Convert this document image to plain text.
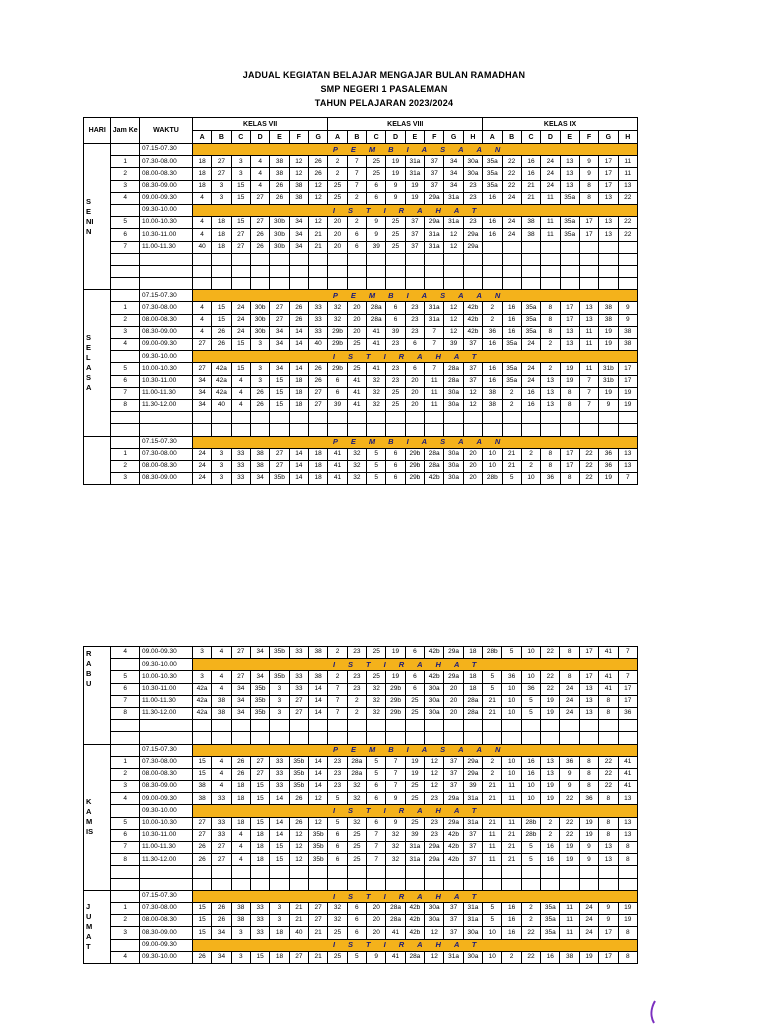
JADUAL KEGIATAN BELAJAR MENGAJAR BULAN RAMADHAN
SMP NEGERI 1 PASALEMAN
TAHUN PELAJARAN 2023/2024
HARI	Jam Ke	WAKTU	KELAS VII							KELAS VIII								KELAS IX							
			A	B	C	D	E	F	G	A	B	C	D	E	F	G	H	A	B	C	D	E	F	G	H
SENIN		07.15-07.30	PEMBIASAAN																						
	1	07.30-08.00	18	27	3	4	38	12	26	2	7	25	19	31a	37	34	30a	35a	22	16	24	13	9	17	11
	2	08.00-08.30	18	27	3	4	38	12	26	2	7	25	19	31a	37	34	30a	35a	22	16	24	13	9	17	11
	3	08.30-09.00	18	3	15	4	26	38	12	25	7	6	9	19	37	34	23	35a	22	21	24	13	8	17	13
	4	09.00-09.30	4	3	15	27	26	38	12	25	2	6	9	19	29a	31a	23	16	24	21	11	35a	8	13	22
		09.30-10.00	ISTIRAHAT																						
	5	10.00-10.30	4	18	15	27	30b	34	12	20	2	9	25	37	29a	31a	23	16	24	38	11	35a	17	13	22
	6	10.30-11.00	4	18	27	26	30b	34	21	20	6	9	25	37	31a	12	29a	16	24	38	11	35a	17	13	22
	7	11.00-11.30	40	18	27	26	30b	34	21	20	6	39	25	37	31a	12	29a								

SELASA		07.15-07.30	PEMBIASAAN																						
	1	07.30-08.00	4	15	24	30b	27	26	33	32	20	28a	6	23	31a	12	42b	2	16	35a	8	17	13	38	9
	2	08.00-08.30	4	15	24	30b	27	26	33	32	20	28a	6	23	31a	12	42b	2	16	35a	8	17	13	38	9
	3	08.30-09.00	4	26	24	30b	34	14	33	29b	20	41	39	23	7	12	42b	36	16	35a	8	13	11	19	38
	4	09.00-09.30	27	26	15	3	34	14	40	29b	25	41	23	6	7	39	37	16	35a	24	2	13	11	19	38
		09.30-10.00	ISTIRAHAT																						
	5	10.00-10.30	27	42a	15	3	34	14	26	29b	25	41	23	6	7	28a	37	16	35a	24	2	19	11	31b	17
	6	10.30-11.00	34	42a	4	3	15	18	26	6	41	32	23	20	11	28a	37	16	35a	24	13	19	7	31b	17
	7	11.00-11.30	34	42a	4	26	15	18	27	6	41	32	25	20	11	30a	12	38	2	16	13	8	7	19	19
	8	11.30-12.00	34	40	4	26	15	18	27	39	41	32	25	20	11	30a	12	38	2	16	13	8	7	9	19

		07.15-07.30	PEMBIASAAN																						
	1	07.30-08.00	24	3	33	38	27	14	18	41	32	5	6	29b	28a	30a	20	10	21	2	8	17	22	36	13
	2	08.00-08.30	24	3	33	38	27	14	18	41	32	5	6	29b	28a	30a	20	10	21	2	8	17	22	36	13
	3	08.30-09.00	24	3	33	34	35b	14	18	41	32	5	6	29b	42b	30a	20	28b	5	10	36	8	22	19	7
RABU	4	09.00-09.30	3	4	27	34	35b	33	38	2	23	25	19	6	42b	29a	18	28b	5	10	22	8	17	41	7
		09.30-10.00	ISTIRAHAT																						
	5	10.00-10.30	3	4	27	34	35b	33	38	2	23	25	19	6	42b	29a	18	5	36	10	22	8	17	41	7
	6	10.30-11.00	42a	4	34	35b	3	33	14	7	23	32	29b	6	30a	20	18	5	10	36	22	24	13	41	17
	7	11.00-11.30	42a	38	34	35b	3	27	14	7	2	32	29b	25	30a	20	28a	21	10	5	19	24	13	8	17
	8	11.30-12.00	42a	38	34	35b	3	27	14	7	2	32	29b	25	30a	20	28a	21	10	5	19	24	13	8	36

KAMIS		07.15-07.30	PEMBIASAAN																						
	1	07.30-08.00	15	4	26	27	33	35b	14	23	28a	5	7	19	12	37	29a	2	10	16	13	36	8	22	41
	2	08.00-08.30	15	4	26	27	33	35b	14	23	28a	5	7	19	12	37	29a	2	10	16	13	9	8	22	41
	3	08.30-09.00	38	4	18	15	33	35b	14	23	32	6	7	25	12	37	39	21	11	10	19	9	8	22	41
	4	09.00-09.30	38	33	18	15	14	26	12	5	32	6	9	25	23	29a	31a	21	11	10	19	22	36	8	13
		09.30-10.00	ISTIRAHAT																						
	5	10.00-10.30	27	33	18	15	14	26	12	5	32	6	9	25	23	29a	31a	21	11	28b	2	22	19	8	13
	6	10.30-11.00	27	33	4	18	14	12	35b	6	25	7	32	39	23	42b	37	11	21	28b	2	22	19	8	13
	7	11.00-11.30	26	27	4	18	15	12	35b	6	25	7	32	31a	29a	42b	37	11	21	5	16	19	9	13	8
	8	11.30-12.00	26	27	4	18	15	12	35b	6	25	7	32	31a	29a	42b	37	11	21	5	16	19	9	13	8

JUMAT		07.15-07.30	ISTIRAHAT																						
	1	07.30-08.00	15	26	38	33	3	21	27	32	6	20	28a	42b	30a	37	31a	5	16	2	35a	11	24	9	19
	2	08.00-08.30	15	26	38	33	3	21	27	32	6	20	28a	42b	30a	37	31a	5	16	2	35a	11	24	9	19
	3	08.30-09.00	15	34	3	33	18	40	21	25	6	20	41	42b	12	37	30a	10	16	22	35a	11	24	17	8
		09.00-09.30	ISTIRAHAT																						
	4	09.30-10.00	26	34	3	15	18	27	21	25	5	9	41	28a	12	31a	30a	10	2	22	16	38	19	17	8
